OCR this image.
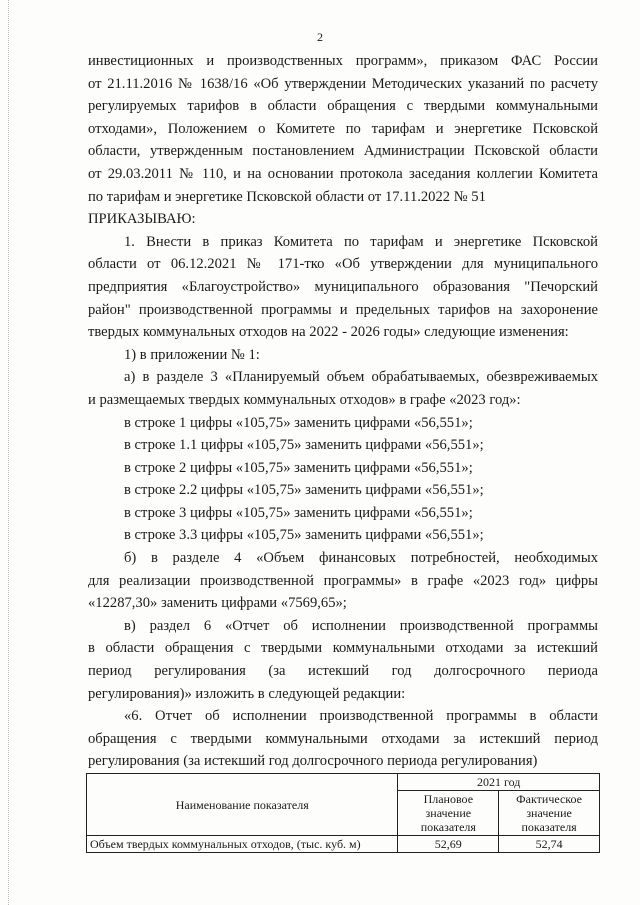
2

инвестиционных и производственных программ», приказом ФАС России
от 21.11.2016 № 1638/16 «Об утверждении Методических указаний по расчету
регулируемых тарифов в области обращения с твердыми коммунальными
отходами», Положением о Комитете по тарифам и энергетике Псковской
области, утвержденным постановлением Администрации Псковской области
от 29.03.2011 № 110, и на основании протокола заседания коллегии Комитета
по тарифам и энергетике Псковской области от 17.11.2022 № 51

ПРИКАЗЫВАЮ:

1. Внести в приказ Комитета по тарифам и энергетике Псковской
области от 06.12.2021 № 171-тко «Об утверждении для муниципального
предприятия «Благоустройство» муниципального образования "Печорский
район" производственной программы и предельных тарифов на захоронение
твердых коммунальных отходов на 2022 - 2026 годы» следующие изменения:

1) в приложении № 1:

а) в разделе 3 «Планируемый объем обрабатываемых, обезвреживаемых
и размещаемых твердых коммунальных отходов» в графе «2023 год»:

в строке 1 цифры «105,75» заменить цифрами «56,551»;
в строке 1.1 цифры «105,75» заменить цифрами «56,551»;
в строке 2 цифры «105,75» заменить цифрами «56,551»;
в строке 2.2 цифры «105,75» заменить цифрами «56,551»;
в строке 3 цифры «105,75» заменить цифрами «56,551»;
в строке 3.3 цифры «105,75» заменить цифрами «56,551»;

б) в разделе 4 «Объем финансовых потребностей, необходимых
для реализации производственной программы» в графе «2023 год» цифры
«12287,30» заменить цифрами «7569,65»;

в) раздел 6 «Отчет об исполнении производственной программы
в области обращения с твердыми коммунальными отходами за истекший
период регулирования (за истекший год долгосрочного периода
регулирования)» изложить в следующей редакции:

«6. Отчет об исполнении производственной программы в области
обращения с твердыми коммунальными отходами за истекший период
регулирования (за истекший год долгосрочного периода регулирования)

Наименование показателя	2021 год	
	Плановое значение показателя	Фактическое значение показателя
Объем твердых коммунальных отходов, (тыс. куб. м)	52,69	52,74
